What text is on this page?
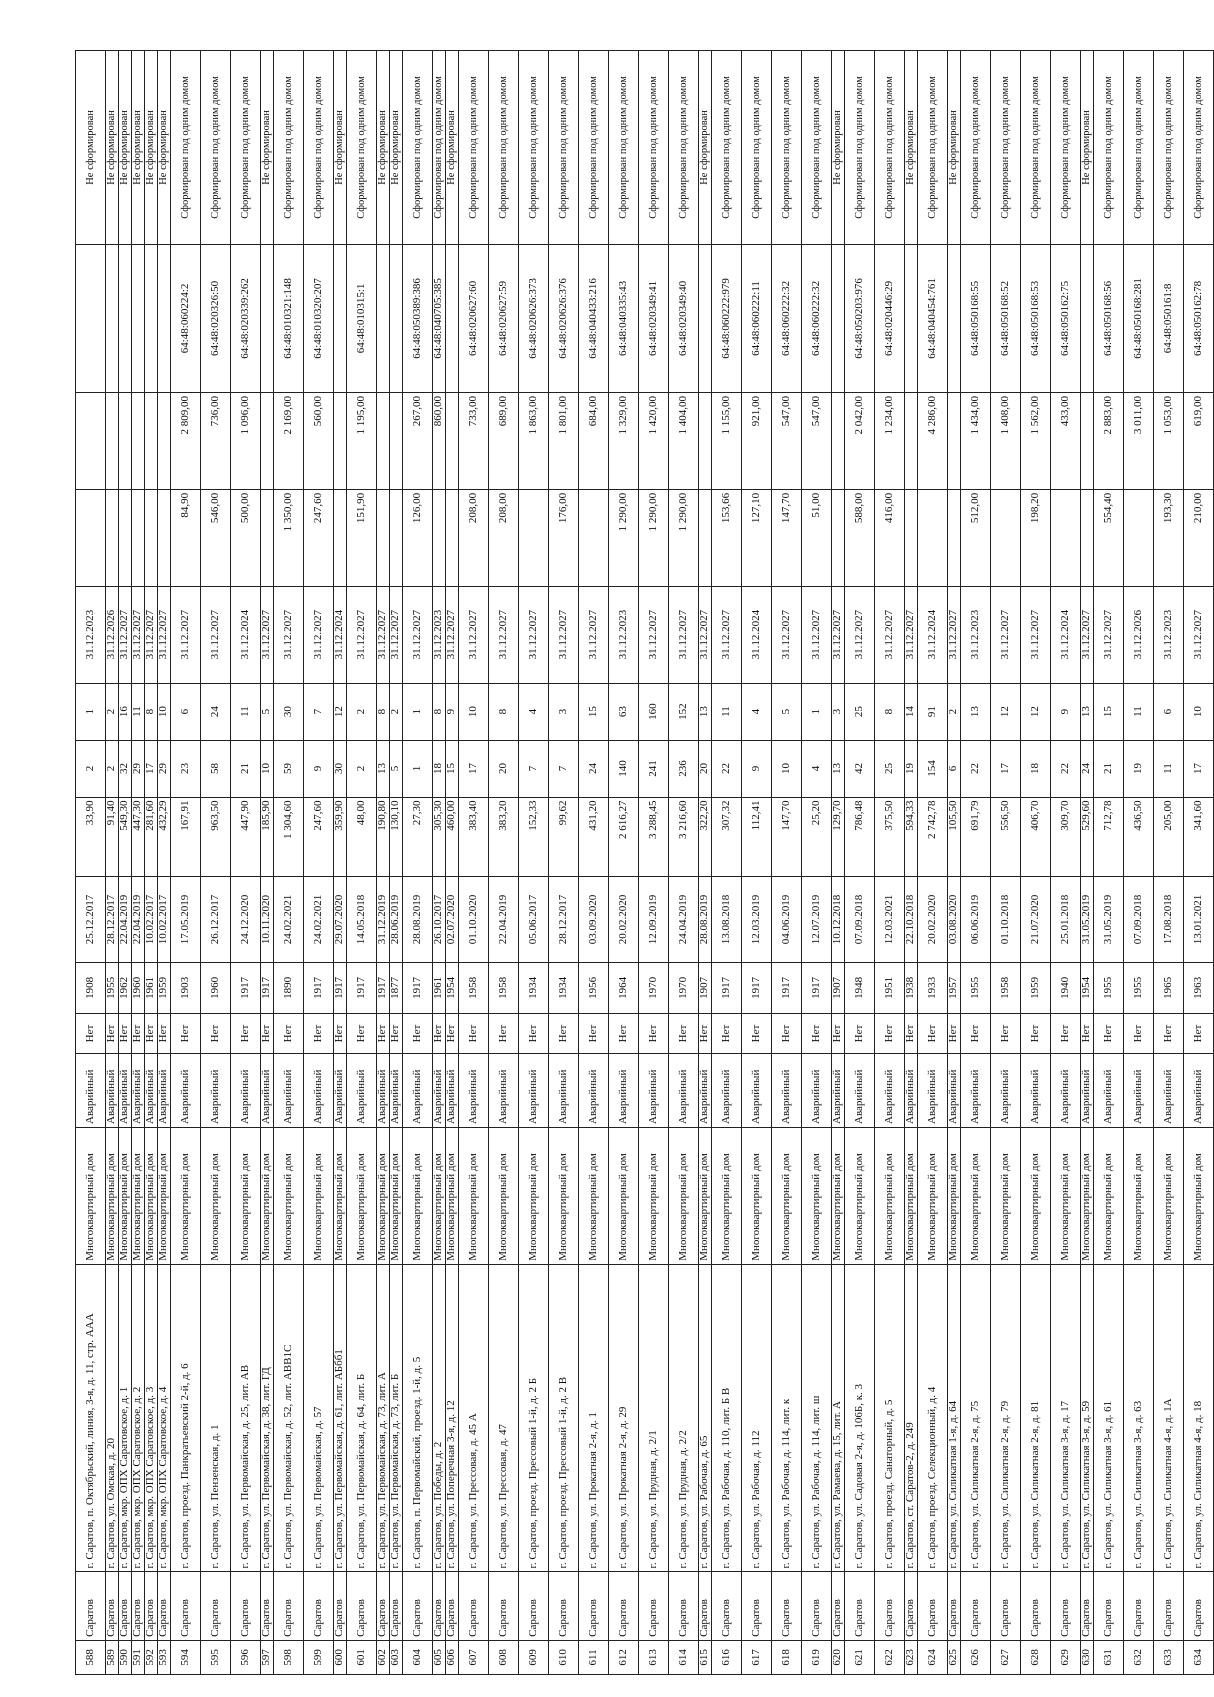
588	Саратов	г. Саратов, п. Октябрьский, линия, 3-я, д. 11, стр. ААА	Многоквартирный дом	Аварийный	Нет	1908	25.12.2017	33,90	2	1	31.12.2023				Не сформирован
589	Саратов	г. Саратов, ул. Омская, д. 20	Многоквартирный дом	Аварийный	Нет	1955	28.12.2017	91,40	2	2	31.12.2026				Не сформирован
590	Саратов	г. Саратов, мкр. ОПХ Саратовское, д. 1	Многоквартирный дом	Аварийный	Нет	1962	22.04.2019	549,30	32	16	31.12.2027				Не сформирован
591	Саратов	г. Саратов, мкр. ОПХ Саратовское, д. 2	Многоквартирный дом	Аварийный	Нет	1960	22.04.2019	447,30	29	11	31.12.2027				Не сформирован
592	Саратов	г. Саратов, мкр. ОПХ Саратовское, д. 3	Многоквартирный дом	Аварийный	Нет	1961	10.02.2017	281,60	17	8	31.12.2027				Не сформирован
593	Саратов	г. Саратов, мкр. ОПХ Саратовское, д. 4	Многоквартирный дом	Аварийный	Нет	1959	10.02.2017	432,29	29	10	31.12.2027				Не сформирован
594	Саратов	г. Саратов, проезд. Панкратьевский 2-й, д. 6	Многоквартирный дом	Аварийный	Нет	1903	17.05.2019	167,91	23	6	31.12.2027	84,90	2 809,00	64:48:060224:2	Сформирован под одним домом
595	Саратов	г. Саратов, ул. Пензенская, д. 1	Многоквартирный дом	Аварийный	Нет	1960	26.12.2017	963,50	58	24	31.12.2027	546,00	736,00	64:48:020326:50	Сформирован под одним домом
596	Саратов	г. Саратов, ул. Первомайская, д. 25, лит. АВ	Многоквартирный дом	Аварийный	Нет	1917	24.12.2020	447,90	21	11	31.12.2024	500,00	1 096,00	64:48:020339:262	Сформирован под одним домом
597	Саратов	г. Саратов, ул. Первомайская, д. 38, лит. ГД	Многоквартирный дом	Аварийный	Нет	1917	10.11.2020	185,90	10	5	31.12.2027				Не сформирован
598	Саратов	г. Саратов, ул. Первомайская, д. 52, лит. АВВ1С	Многоквартирный дом	Аварийный	Нет	1890	24.02.2021	1 304,60	59	30	31.12.2027	1 350,00	2 169,00	64:48:010321:148	Сформирован под одним домом
599	Саратов	г. Саратов, ул. Первомайская, д. 57	Многоквартирный дом	Аварийный	Нет	1917	24.02.2021	247,60	9	7	31.12.2027	247,60	560,00	64:48:010320:207	Сформирован под одним домом
600	Саратов	г. Саратов, ул. Первомайская, д. 61, лит. АБбб1	Многоквартирный дом	Аварийный	Нет	1917	29.07.2020	359,90	30	12	31.12.2024				Не сформирован
601	Саратов	г. Саратов, ул. Первомайская, д. 64, лит. Б	Многоквартирный дом	Аварийный	Нет	1917	14.05.2018	48,00	2	2	31.12.2027	151,90	1 195,00	64:48:010315:1	Сформирован под одним домом
602	Саратов	г. Саратов, ул. Первомайская, д. 73, лит. А	Многоквартирный дом	Аварийный	Нет	1917	31.12.2019	190,80	13	8	31.12.2027				Не сформирован
603	Саратов	г. Саратов, ул. Первомайская, д. 73, лит. Б	Многоквартирный дом	Аварийный	Нет	1877	28.06.2019	130,10	5	2	31.12.2027				Не сформирован
604	Саратов	г. Саратов, п. Первомайский, проезд. 1-й, д. 5	Многоквартирный дом	Аварийный	Нет	1917	28.08.2019	27,30	1	1	31.12.2027	126,00	267,00	64:48:050389:386	Сформирован под одним домом
605	Саратов	г. Саратов, ул. Победы, д. 2	Многоквартирный дом	Аварийный	Нет	1961	26.10.2017	305,30	18	8	31.12.2023		860,00	64:48:040705:385	Сформирован под одним домом
606	Саратов	г. Саратов, ул. Поперечная 3-я, д. 12	Многоквартирный дом	Аварийный	Нет	1954	02.07.2020	460,00	15	9	31.12.2027				Не сформирован
607	Саратов	г. Саратов, ул. Прессовая, д. 45 А	Многоквартирный дом	Аварийный	Нет	1958	01.10.2020	383,40	17	10	31.12.2027	208,00	733,00	64:48:020627:60	Сформирован под одним домом
608	Саратов	г. Саратов, ул. Прессовая, д. 47	Многоквартирный дом	Аварийный	Нет	1958	22.04.2019	383,20	20	8	31.12.2027	208,00	689,00	64:48:020627:59	Сформирован под одним домом
609	Саратов	г. Саратов, проезд. Прессовый 1-й, д. 2 Б	Многоквартирный дом	Аварийный	Нет	1934	05.06.2017	152,33	7	4	31.12.2027		1 863,00	64:48:020626:373	Сформирован под одним домом
610	Саратов	г. Саратов, проезд. Прессовый 1-й, д. 2 В	Многоквартирный дом	Аварийный	Нет	1934	28.12.2017	99,62	7	3	31.12.2027	176,00	1 801,00	64:48:020626:376	Сформирован под одним домом
611	Саратов	г. Саратов, ул. Прокатная 2-я, д. 1	Многоквартирный дом	Аварийный	Нет	1956	03.09.2020	431,20	24	15	31.12.2027		684,00	64:48:040433:216	Сформирован под одним домом
612	Саратов	г. Саратов, ул. Прокатная 2-я, д. 29	Многоквартирный дом	Аварийный	Нет	1964	20.02.2020	2 616,27	140	63	31.12.2023	1 290,00	1 329,00	64:48:040335:43	Сформирован под одним домом
613	Саратов	г. Саратов, ул. Прудная, д. 2/1	Многоквартирный дом	Аварийный	Нет	1970	12.09.2019	3 288,45	241	160	31.12.2027	1 290,00	1 420,00	64:48:020349:41	Сформирован под одним домом
614	Саратов	г. Саратов, ул. Прудная, д. 2/2	Многоквартирный дом	Аварийный	Нет	1970	24.04.2019	3 216,60	236	152	31.12.2027	1 290,00	1 404,00	64:48:020349:40	Сформирован под одним домом
615	Саратов	г. Саратов, ул. Рабочая, д. 65	Многоквартирный дом	Аварийный	Нет	1907	28.08.2019	322,20	20	13	31.12.2027				Не сформирован
616	Саратов	г. Саратов, ул. Рабочая, д. 110, лит. Б В	Многоквартирный дом	Аварийный	Нет	1917	13.08.2018	307,32	22	11	31.12.2027	153,66	1 155,00	64:48:060222:979	Сформирован под одним домом
617	Саратов	г. Саратов, ул. Рабочая, д. 112	Многоквартирный дом	Аварийный	Нет	1917	12.03.2019	112,41	9	4	31.12.2024	127,10	921,00	64:48:060222:11	Сформирован под одним домом
618	Саратов	г. Саратов, ул. Рабочая, д. 114, лит. к	Многоквартирный дом	Аварийный	Нет	1917	04.06.2019	147,70	10	5	31.12.2027	147,70	547,00	64:48:060222:32	Сформирован под одним домом
619	Саратов	г. Саратов, ул. Рабочая, д. 114, лит. ш	Многоквартирный дом	Аварийный	Нет	1917	12.07.2019	25,20	4	1	31.12.2027	51,00	547,00	64:48:060222:32	Сформирован под одним домом
620	Саратов	г. Саратов, ул. Рамаева, д. 15, лит. А	Многоквартирный дом	Аварийный	Нет	1907	10.12.2018	129,70	13	3	31.12.2027				Не сформирован
621	Саратов	г. Саратов, ул. Садовая 2-я, д. 106Б, к. 3	Многоквартирный дом	Аварийный	Нет	1948	07.09.2018	786,48	42	25	31.12.2027	588,00	2 042,00	64:48:050203:976	Сформирован под одним домом
622	Саратов	г. Саратов, проезд. Санаторный, д. 5	Многоквартирный дом	Аварийный	Нет	1951	12.03.2021	375,50	25	8	31.12.2027	416,00	1 234,00	64:48:020446:29	Сформирован под одним домом
623	Саратов	г. Саратов, ст. Саратов-2, д. 249	Многоквартирный дом	Аварийный	Нет	1938	22.10.2018	594,33	19	14	31.12.2027				Не сформирован
624	Саратов	г. Саратов, проезд. Селекционный, д. 4	Многоквартирный дом	Аварийный	Нет	1933	20.02.2020	2 742,78	154	91	31.12.2024		4 286,00	64:48:040454:761	Сформирован под одним домом
625	Саратов	г. Саратов, ул. Силикатная 1-я, д. 64	Многоквартирный дом	Аварийный	Нет	1957	03.08.2020	105,50	6	2	31.12.2027				Не сформирован
626	Саратов	г. Саратов, ул. Силикатная 2-я, д. 75	Многоквартирный дом	Аварийный	Нет	1955	06.06.2019	691,79	22	13	31.12.2023	512,00	1 434,00	64:48:050168:55	Сформирован под одним домом
627	Саратов	г. Саратов, ул. Силикатная 2-я, д. 79	Многоквартирный дом	Аварийный	Нет	1958	01.10.2018	556,50	17	12	31.12.2027		1 408,00	64:48:050168:52	Сформирован под одним домом
628	Саратов	г. Саратов, ул. Силикатная 2-я, д. 81	Многоквартирный дом	Аварийный	Нет	1959	21.07.2020	406,70	18	12	31.12.2027	198,20	1 562,00	64:48:050168:53	Сформирован под одним домом
629	Саратов	г. Саратов, ул. Силикатная 3-я, д. 17	Многоквартирный дом	Аварийный	Нет	1940	25.01.2018	309,70	22	9	31.12.2024		433,00	64:48:050162:75	Сформирован под одним домом
630	Саратов	г. Саратов, ул. Силикатная 3-я, д. 59	Многоквартирный дом	Аварийный	Нет	1954	31.05.2019	529,60	24	13	31.12.2027				Не сформирован
631	Саратов	г. Саратов, ул. Силикатная 3-я, д. 61	Многоквартирный дом	Аварийный	Нет	1955	31.05.2019	712,78	21	15	31.12.2027	554,40	2 883,00	64:48:050168:56	Сформирован под одним домом
632	Саратов	г. Саратов, ул. Силикатная 3-я, д. 63	Многоквартирный дом	Аварийный	Нет	1955	07.09.2018	436,50	19	11	31.12.2026		3 011,00	64:48:050168:281	Сформирован под одним домом
633	Саратов	г. Саратов, ул. Силикатная 4-я, д. 1А	Многоквартирный дом	Аварийный	Нет	1965	17.08.2018	205,00	11	6	31.12.2023	193,30	1 053,00	64:48:050161:8	Сформирован под одним домом
634	Саратов	г. Саратов, ул. Силикатная 4-я, д. 18	Многоквартирный дом	Аварийный	Нет	1963	13.01.2021	341,60	17	10	31.12.2027	210,00	619,00	64:48:050162:78	Сформирован под одним домом
